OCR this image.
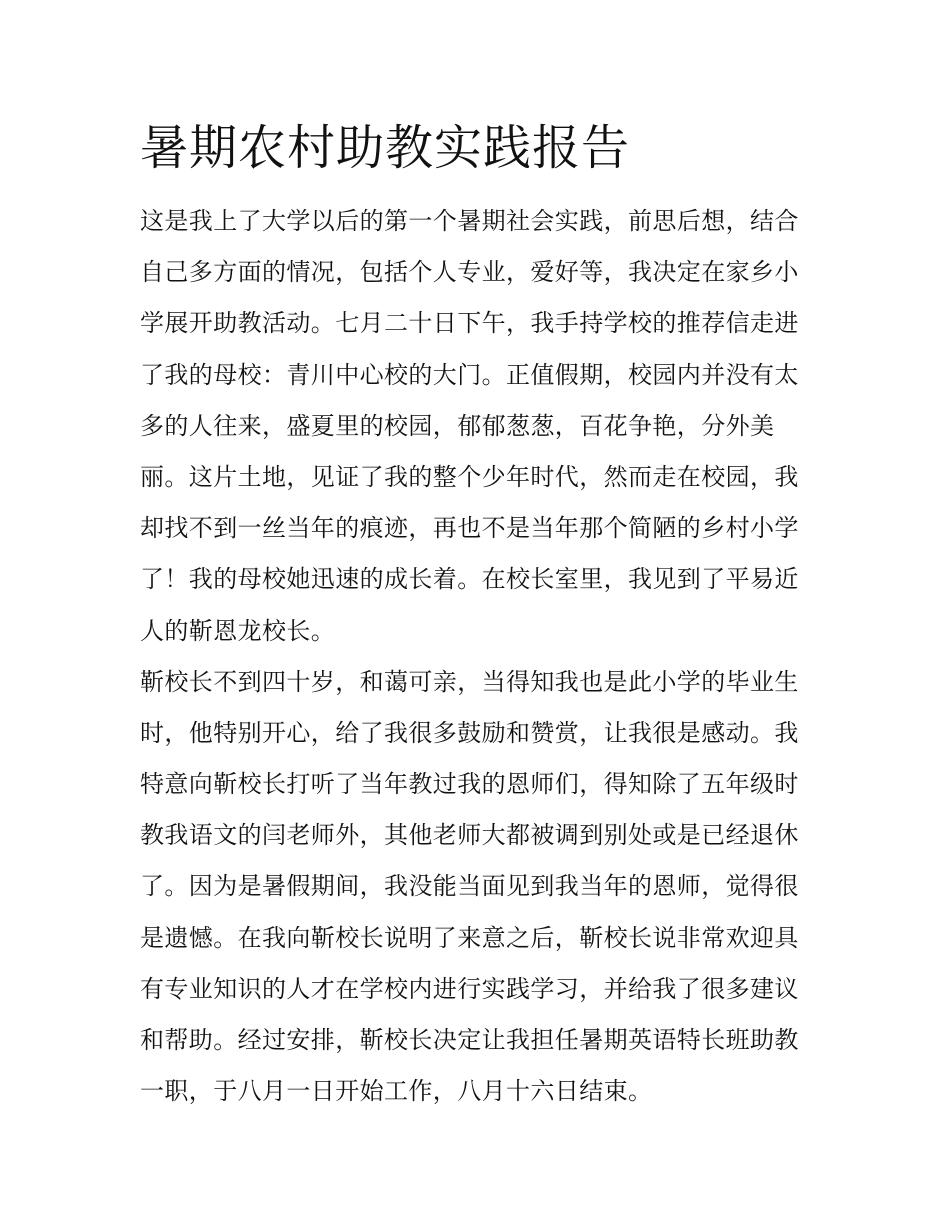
暑期农村助教实践报告
这是我上了大学以后的第一个暑期社会实践，前思后想，结合
自己多方面的情况，包括个人专业，爱好等，我决定在家乡小
学展开助教活动。七月二十日下午，我手持学校的推荐信走进
了我的母校：青川中心校的大门。正值假期，校园内并没有太
多的人往来，盛夏里的校园，郁郁葱葱，百花争艳，分外美
丽。这片土地，见证了我的整个少年时代，然而走在校园，我
却找不到一丝当年的痕迹，再也不是当年那个简陋的乡村小学
了！我的母校她迅速的成长着。在校长室里，我见到了平易近
人的靳恩龙校长。
靳校长不到四十岁，和蔼可亲，当得知我也是此小学的毕业生
时，他特别开心，给了我很多鼓励和赞赏，让我很是感动。我
特意向靳校长打听了当年教过我的恩师们，得知除了五年级时
教我语文的闫老师外，其他老师大都被调到别处或是已经退休
了。因为是暑假期间，我没能当面见到我当年的恩师，觉得很
是遗憾。在我向靳校长说明了来意之后，靳校长说非常欢迎具
有专业知识的人才在学校内进行实践学习，并给我了很多建议
和帮助。经过安排，靳校长决定让我担任暑期英语特长班助教
一职，于八月一日开始工作，八月十六日结束。
